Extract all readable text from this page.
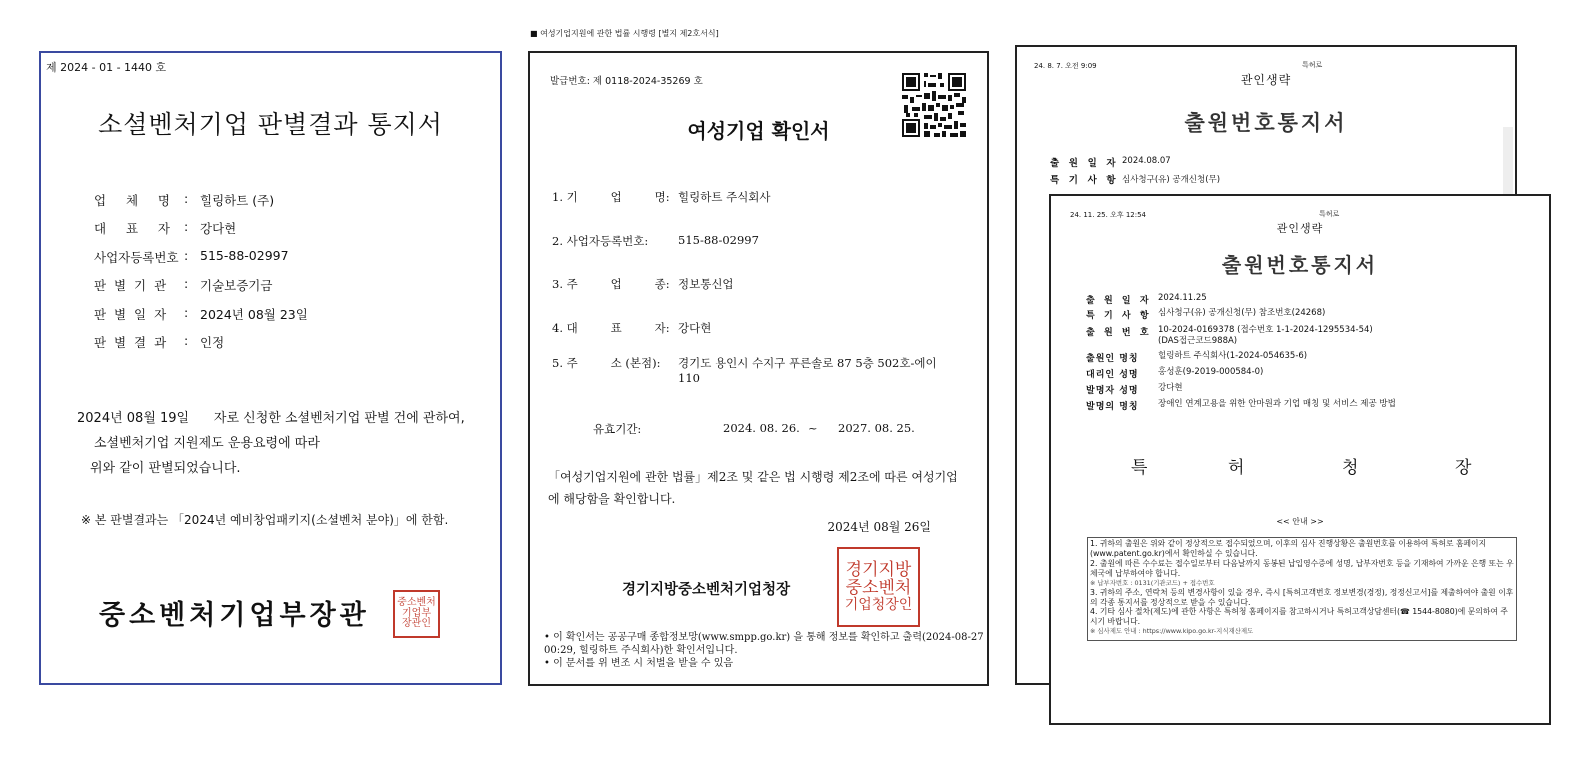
제 2024 - 01 - 1440 호
소셜벤처기업 판별결과 통지서
업     체     명	: 힐링하트 (주)
대     표     자	: 강다현
사업자등록번호 : 515-88-02997
판  별  기  관	: 기술보증기금
판  별  일  자	: 2024년 08월 23일
판  별  결  과	: 인정
2024년 08월 19일      자로 신청한 소셜벤처기업 판별 건에 관하여,
소셜벤처기업 지원제도 운용요령에 따라
위와 같이 판별되었습니다.
※ 본 판별결과는 「2024년 예비창업패키지(소셜벤처 분야)」에 한함.
중소벤처기업부장관	중소벤처
기업부
장관인
■ 여성기업지원에 관한 법률 시행령 [별지 제2호서식]
발급번호: 제 0118-2024-35269 호
여성기업 확인서
1. 기         업         명: 힐링하트 주식회사
2. 사업자등록번호:	515-88-02997
3. 주         업         종: 정보통신업
4. 대         표         자: 강다현
5. 주         소 (본점):	경기도 용인시 수지구 푸른솔로 87 5층 502호-에이110
유효기간:	2024. 08. 26. ~	2027. 08. 25.
「여성기업지원에 관한 법률」제2조 및 같은 법 시행령 제2조에 따른 여성기업에 해당함을 확인합니다.
2024년 08월 26일
경기지방중소벤처기업청장
경기지방
중소벤처
기업청장인
• 이 확인서는 공공구매 종합정보망(www.smpp.go.kr) 을 통해 정보를 확인하고 출력(2024-08-27 00:29, 힐링하트 주식회사)한 확인서입니다.
• 이 문서를 위 변조 시 처벌을 받을 수 있음
24. 8. 7. 오전 9:09	특허로
관인생략
출원번호통지서
출  원  일  자 2024.08.07
특  기  사  항 심사청구(유) 공개신청(무)
24. 11. 25. 오후 12:54	특허로
관인생략
출원번호통지서
출  원  일  자 2024.11.25
특  기  사  항 심사청구(유) 공개신청(무) 참조번호(24268)
출  원  번  호 10-2024-0169378 (접수번호 1-1-2024-1295534-54)
(DAS접근코드988A)
출원인 명칭	힐링하트 주식회사(1-2024-054635-6)
대리인 성명	홍성훈(9-2019-000584-0)
발명자 성명	강다현
발명의 명칭	장애인 연계고용을 위한 안마원과 기업 매칭 및 서비스 제공 방법
특	허	청	장
<< 안내 >>
1. 귀하의 출원은 위와 같이 정상적으로 접수되었으며, 이후의 심사 진행상황은 출원번호를 이용하여 특허로 홈페이지(www.patent.go.kr)에서 확인하실 수 있습니다.
2. 출원에 따른 수수료는 접수일로부터 다음날까지 동봉된 납입영수증에 성명, 납부자번호 등을 기재하여 가까운 은행 또는 우체국에 납부하여야 합니다.
※ 납부자번호 : 0131(기관코드) + 접수번호
3. 귀하의 주소, 연락처 등의 변경사항이 있을 경우, 즉시 [특허고객번호 정보변경(경정), 정정신고서]를 제출하여야 출원 이후의 각종 통지서를 정상적으로 받을 수 있습니다.
4. 기타 심사 절차(제도)에 관한 사항은 특허청 홈페이지를 참고하시거나 특허고객상담센터(☎ 1544-8080)에 문의하여 주시기 바랍니다.
※ 심사제도 안내 : https://www.kipo.go.kr-지식재산제도
